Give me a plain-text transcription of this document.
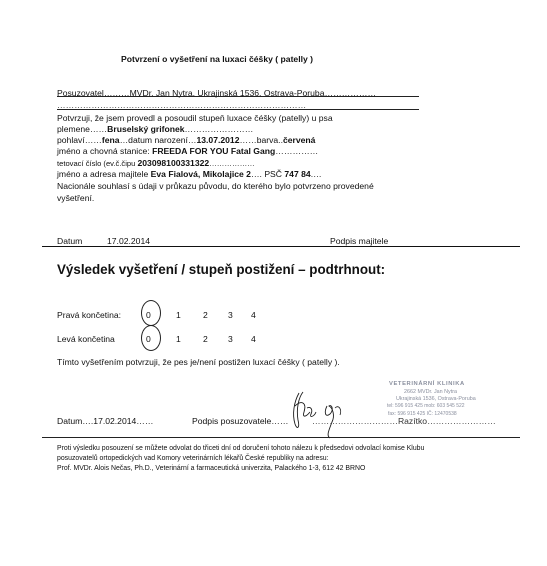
Potvrzení o vyšetření na luxaci čéšky ( patelly )
Posuzovatel………MVDr. Jan Nytra, Ukrajinská 1536, Ostrava-Poruba………………
……………………………………………………………………………
Potvrzuji, že jsem provedl a posoudil stupeň luxace čéšky (patelly) u psa
plemene……Bruselský grifonek……………………
pohlaví……fena…datum narození…13.07.2012……barva..červená
jméno a chovná stanice: FREEDA FOR YOU Fatal Gang……………
tetovací číslo (ev.č.čipu 203098100331322………………
jméno a adresa majitele Eva Fialová, Mikolajice 2…. PSČ 747 84.…
Nacionále souhlasí s údaji v průkazu původu, do kterého bylo potvrzeno provedené
vyšetření.
Datum	17.02.2014	Podpis majitele
Výsledek vyšetření / stupeň postižení – podtrhnout:
Pravá končetina:	0	1	2 3 4
Levá končetina	0	1	2 3 4
Tímto vyšetřením potvrzuji, že pes je/není postižen luxací čéšky ( patelly ).
VETERINÁRNÍ KLINIKA
2662 MVDr. Jan Nytra
Ukrajinská 1536, Ostrava-Poruba
tel: 596 915 425 mob: 603 545 522
fax: 596 915 425 IČ: 12470538
Datum….17.02.2014……	Podpis posuzovatele……	…………………………Razítko……………………
Proti výsledku posouzení se můžete odvolat do třiceti dní od doručení tohoto nálezu k předsedovi odvolací komise Klubu
posuzovatelů ortopedických vad Komory veterinárních lékařů České republiky na adresu:
Prof. MVDr. Alois Nečas, Ph.D., Veterinární a farmaceutická univerzita, Palackého 1-3, 612 42 BRNO
